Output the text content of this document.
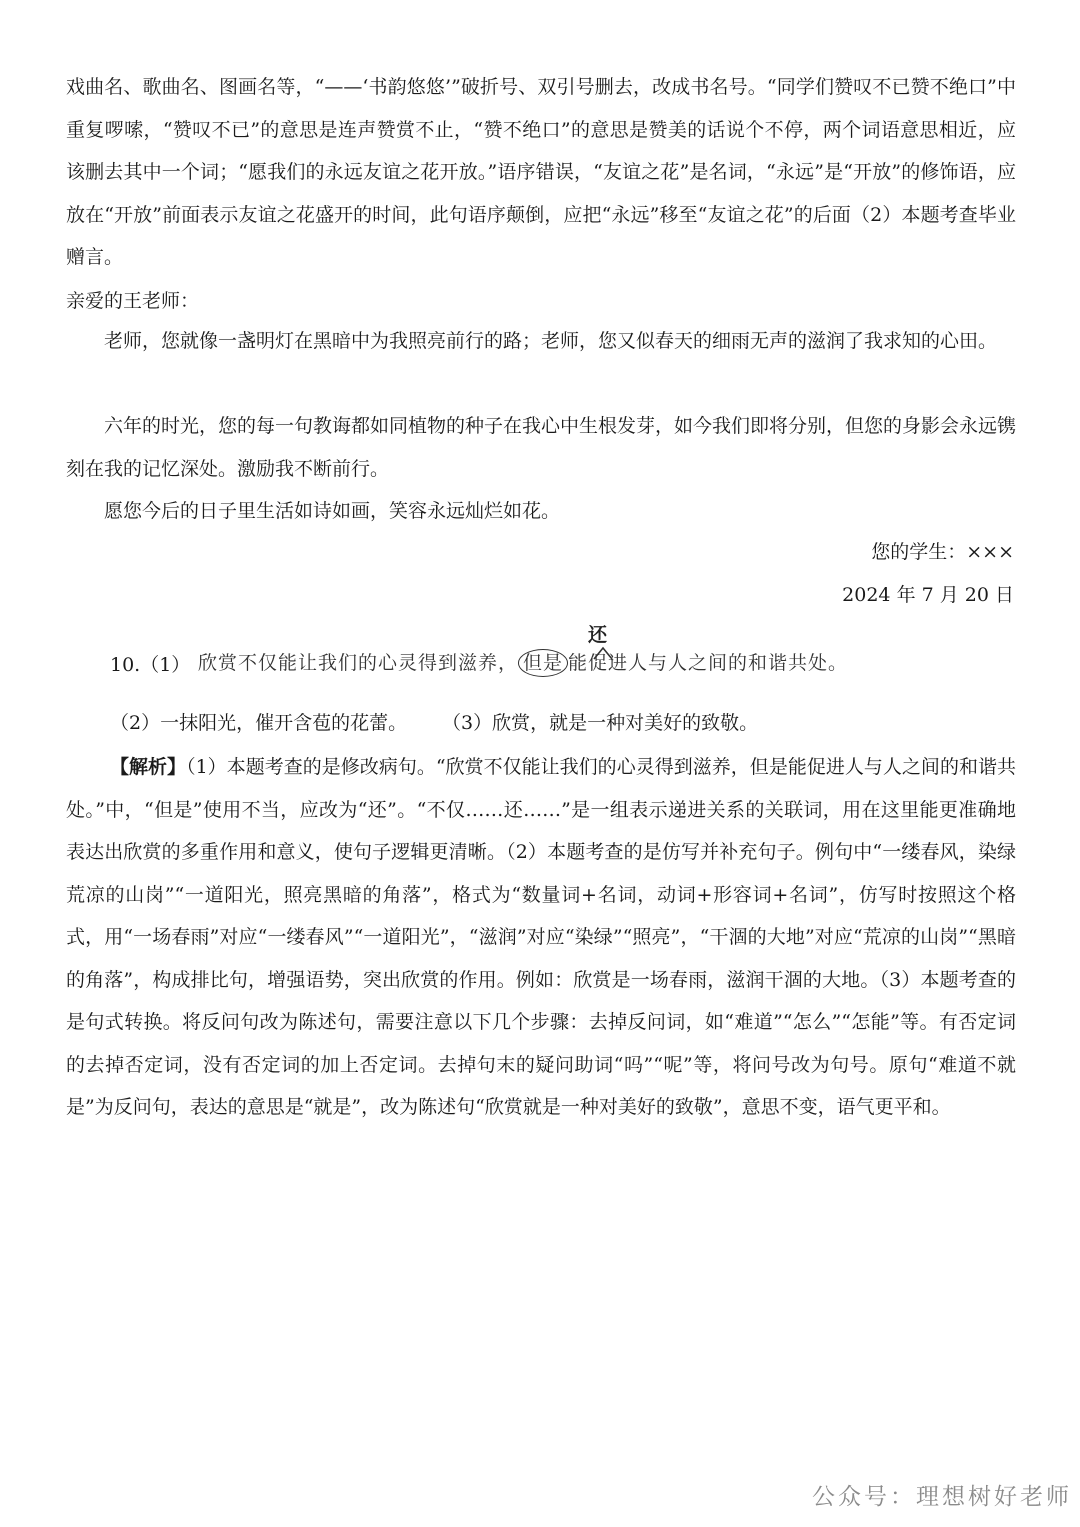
戏曲名、歌曲名、图画名等，“——‘书韵悠悠’”破折号、双引号删去，改成书名号。“同学们赞叹不已赞不绝口”中重复啰嗦，“赞叹不已”的意思是连声赞赏不止，“赞不绝口”的意思是赞美的话说个不停，两个词语意思相近，应该删去其中一个词；“愿我们的永远友谊之花开放。”语序错误，“友谊之花”是名词，“永远”是“开放”的修饰语，应放在“开放”前面表示友谊之花盛开的时间，此句语序颠倒，应把“永远”移至“友谊之花”的后面（2）本题考查毕业赠言。

亲爱的王老师：

老师，您就像一盏明灯在黑暗中为我照亮前行的路；老师，您又似春天的细雨无声的滋润了我求知的心田。

六年的时光，您的每一句教诲都如同植物的种子在我心中生根发芽，如今我们即将分别，但您的身影会永远镌刻在我的记忆深处。激励我不断前行。

愿您今后的日子里生活如诗如画，笑容永远灿烂如花。

您的学生：×××
2024 年 7 月 20 日
10.（1）
还
欣赏不仅能让我们的心灵得到滋养， 但是 能促进人与人之间的和谐共处。
（2）一抹阳光，催开含苞的花蕾。 （3）欣赏，就是一种对美好的致敬。

【解析】（1）本题考查的是修改病句。“欣赏不仅能让我们的心灵得到滋养，但是能促进人与人之间的和谐共处。”中，“但是”使用不当，应改为“还”。“不仅……还……”是一组表示递进关系的关联词，用在这里能更准确地表达出欣赏的多重作用和意义，使句子逻辑更清晰。（2）本题考查的是仿写并补充句子。例句中“一缕春风，染绿荒凉的山岗”“一道阳光，照亮黑暗的角落”，格式为“数量词+名词，动词+形容词+名词”，仿写时按照这个格式，用“一场春雨”对应“一缕春风”“一道阳光”，“滋润”对应“染绿”“照亮”，“干涸的大地”对应“荒凉的山岗”“黑暗的角落”，构成排比句，增强语势，突出欣赏的作用。例如：欣赏是一场春雨，滋润干涸的大地。（3）本题考查的是句式转换。将反问句改为陈述句，需要注意以下几个步骤：去掉反问词，如“难道”“怎么”“怎能”等。有否定词的去掉否定词，没有否定词的加上否定词。去掉句末的疑问助词“吗”“呢”等，将问号改为句号。原句“难道不就是”为反问句，表达的意思是“就是”，改为陈述句“欣赏就是一种对美好的致敬”，意思不变，语气更平和。

公众号：理想树好老师
